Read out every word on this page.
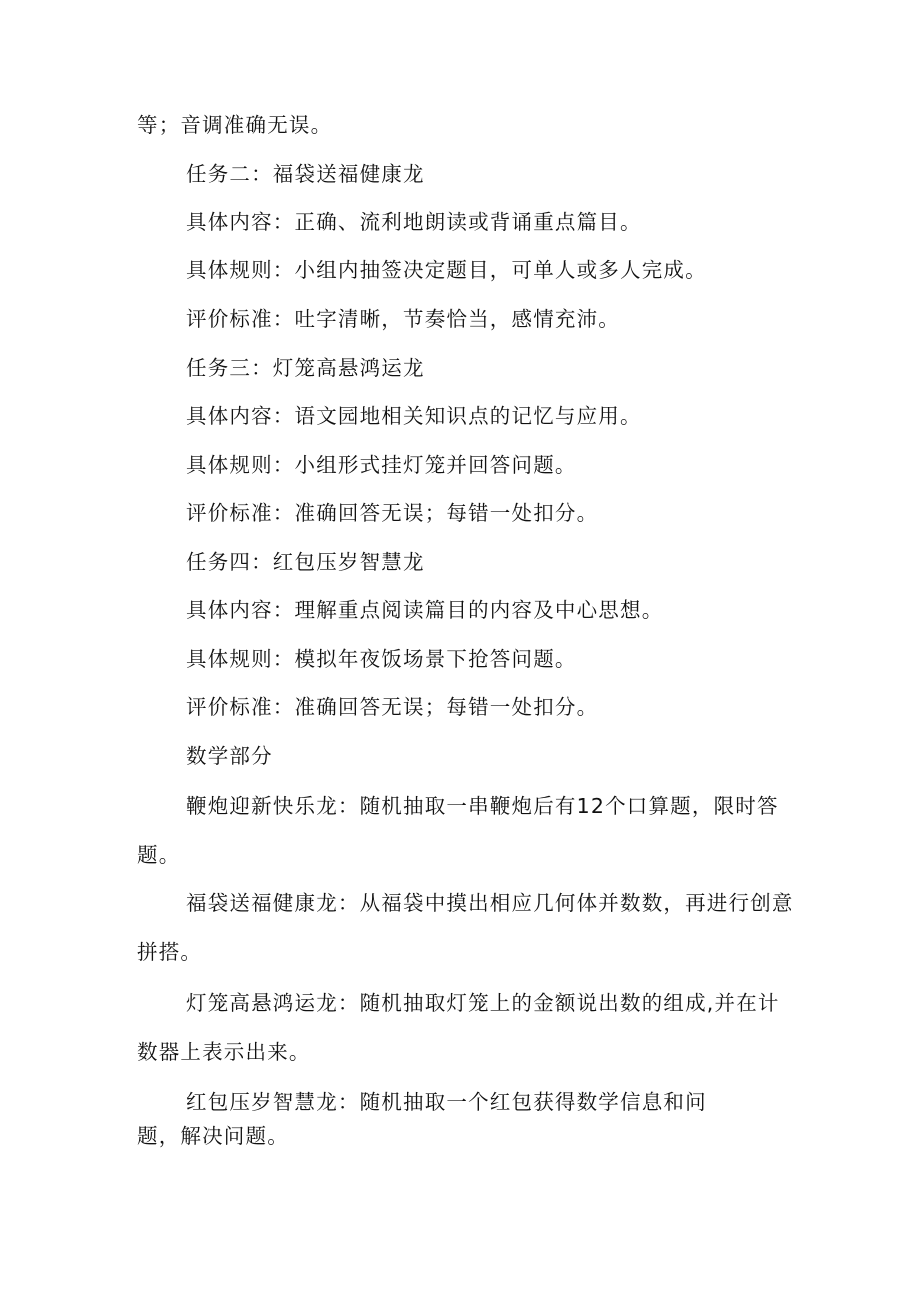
等；音调准确无误。
任务二：福袋送福健康龙
具体内容：正确、流利地朗读或背诵重点篇目。
具体规则：小组内抽签决定题目，可单人或多人完成。
评价标准：吐字清晰，节奏恰当，感情充沛。
任务三：灯笼高悬鸿运龙
具体内容：语文园地相关知识点的记忆与应用。
具体规则：小组形式挂灯笼并回答问题。
评价标准：准确回答无误；每错一处扣分。
任务四：红包压岁智慧龙
具体内容：理解重点阅读篇目的内容及中心思想。
具体规则：模拟年夜饭场景下抢答问题。
评价标准：准确回答无误；每错一处扣分。
数学部分
鞭炮迎新快乐龙：随机抽取一串鞭炮后有12个口算题，限时答
题。
福袋送福健康龙：从福袋中摸出相应几何体并数数，再进行创意
拼搭。
灯笼高悬鸿运龙：随机抽取灯笼上的金额说出数的组成,并在计
数器上表示出来。
红包压岁智慧龙：随机抽取一个红包获得数学信息和问
题，解决问题。
